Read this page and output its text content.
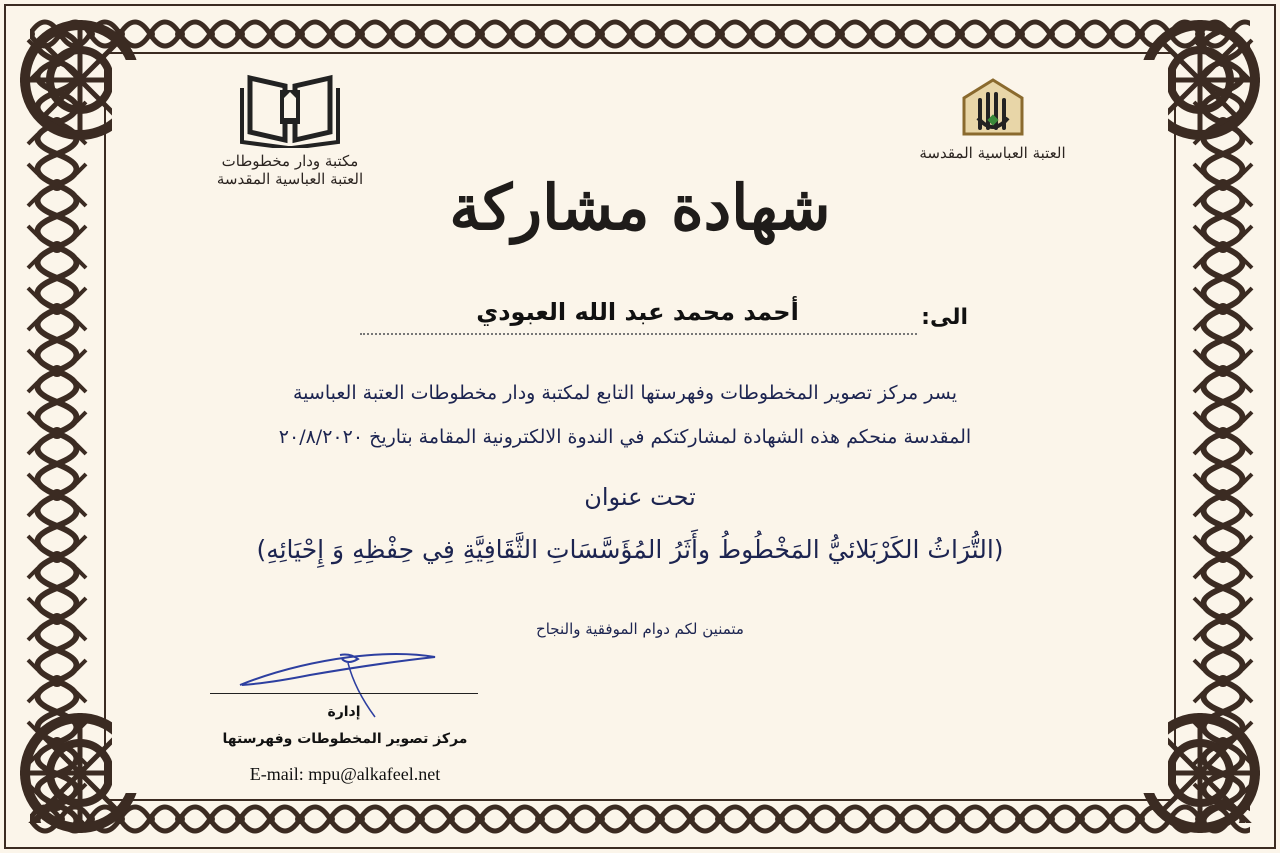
مكتبة ودار مخطوطات
العتبة العباسية المقدسة
العتبة العباسية المقدسة
شهادة مشاركة
الى:
أحمد محمد عبد الله العبودي
يسر مركز تصوير المخطوطات وفهرستها التابع لمكتبة ودار مخطوطات العتبة العباسية
المقدسة منحكم هذه الشهادة لمشاركتكم في الندوة الالكترونية المقامة بتاريخ ٢٠/٨/٢٠٢٠
تحت عنوان
(التُّرَاثُ الكَرْبَلائيُّ المَخْطُوطُ وأَثَرُ المُؤَسَّسَاتِ الثَّقَافِيَّةِ فِي حِفْظِهِ وَ إِحْيَائِهِ)
متمنين لكم دوام الموفقية والنجاح
إدارة
مركز تصوير المخطوطات وفهرستها
E-mail: mpu@alkafeel.net
